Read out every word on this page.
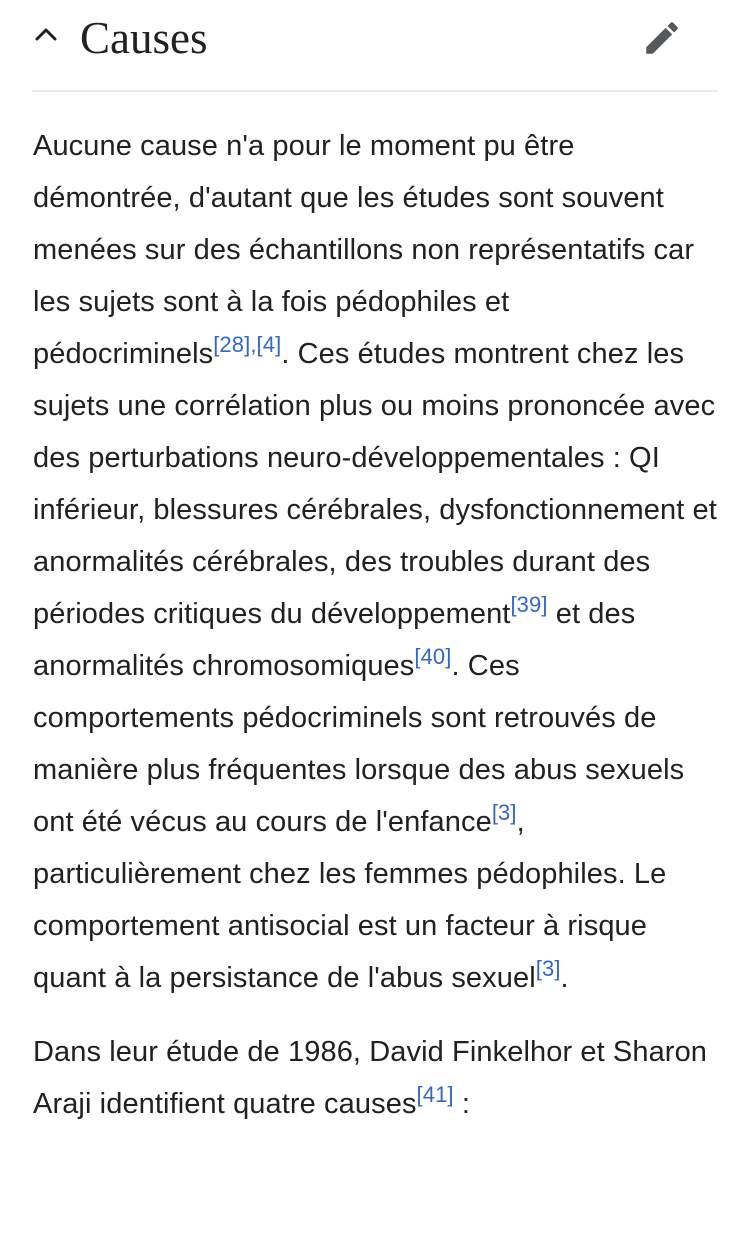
Causes

Aucune cause n'a pour le moment pu être démontrée, d'autant que les études sont souvent menées sur des échantillons non représentatifs car les sujets sont à la fois pédophiles et pédocriminels[28],[4]. Ces études montrent chez les sujets une corrélation plus ou moins prononcée avec des perturbations neuro-développementales : QI inférieur, blessures cérébrales, dysfonctionnement et anormalités cérébrales, des troubles durant des périodes critiques du développement[39] et des anormalités chromosomiques[40]. Ces comportements pédocriminels sont retrouvés de manière plus fréquentes lorsque des abus sexuels ont été vécus au cours de l'enfance[3], particulièrement chez les femmes pédophiles. Le comportement antisocial est un facteur à risque quant à la persistance de l'abus sexuel[3].

Dans leur étude de 1986, David Finkelhor et Sharon Araji identifient quatre causes[41] :
